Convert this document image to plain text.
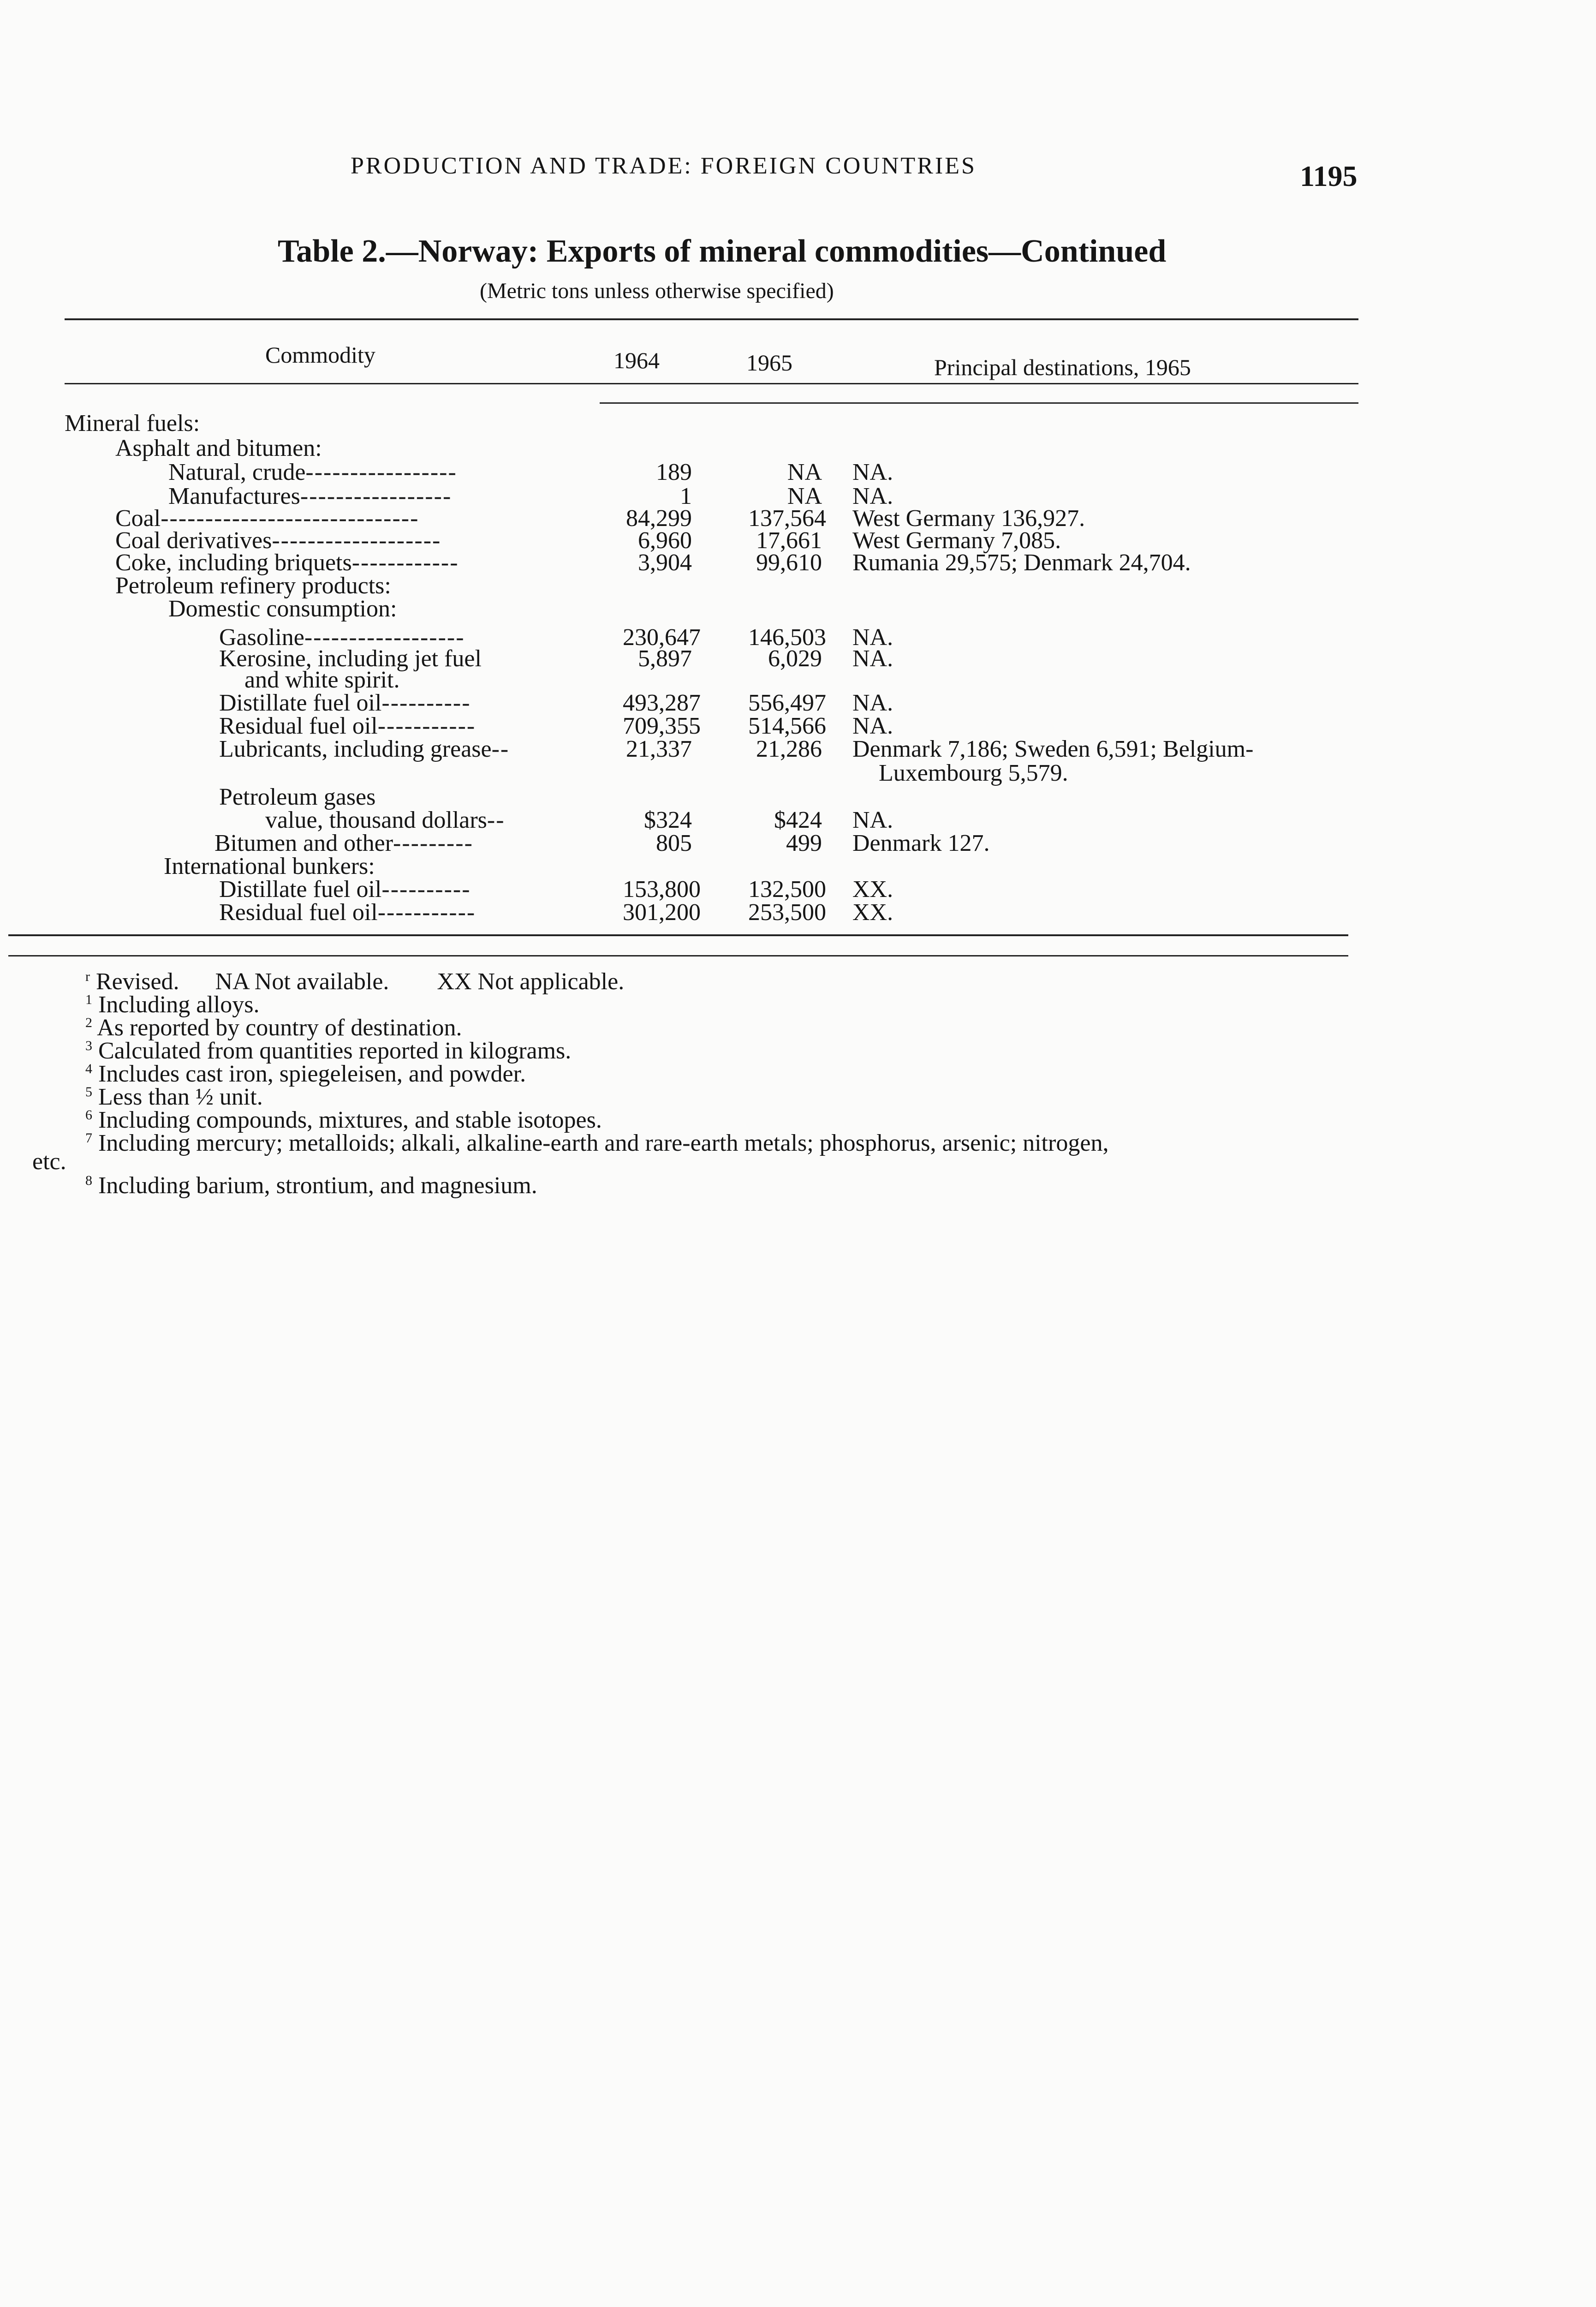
PRODUCTION AND TRADE: FOREIGN COUNTRIES	1195
Table 2.—Norway: Exports of mineral commodities—Continued
(Metric tons unless otherwise specified)
Commodity	1964	1965	Principal destinations, 1965
Mineral fuels:
Asphalt and bitumen:
Natural, crude-----------------	189	NA NA.
Manufactures-----------------	1	NA NA.
Coal-----------------------------	84,299 137,564 West Germany 136,927.
Coal derivatives-------------------	6,960	17,661 West Germany 7,085.
Coke, including briquets------------	3,904	99,610 Rumania 29,575; Denmark 24,704.
Petroleum refinery products:
Domestic consumption:
Gasoline------------------	230,647 146,503 NA.
Kerosine, including jet fuel	5,897	6,029 NA.
and white spirit.
Distillate fuel oil----------	493,287 556,497 NA.
Residual fuel oil-----------	709,355 514,566 NA.
Lubricants, including grease--	21,337	21,286 Denmark 7,186; Sweden 6,591; Belgium-
Luxembourg 5,579.
Petroleum gases
value, thousand dollars--	$324	$424 NA.
Bitumen and other---------	805	499 Denmark 127.
International bunkers:
Distillate fuel oil----------	153,800 132,500 XX.
Residual fuel oil-----------	301,200 253,500 XX.
$^r$ Revised.      NA Not available.        XX Not applicable.
$^1$ Including alloys.
$^2$ As reported by country of destination.
$^3$ Calculated from quantities reported in kilograms.
$^4$ Includes cast iron, spiegeleisen, and powder.
$^5$ Less than ½ unit.
$^6$ Including compounds, mixtures, and stable isotopes.
$^7$ Including mercury; metalloids; alkali, alkaline-earth and rare-earth metals; phosphorus, arsenic; nitrogen,
etc.
$^8$ Including barium, strontium, and magnesium.
